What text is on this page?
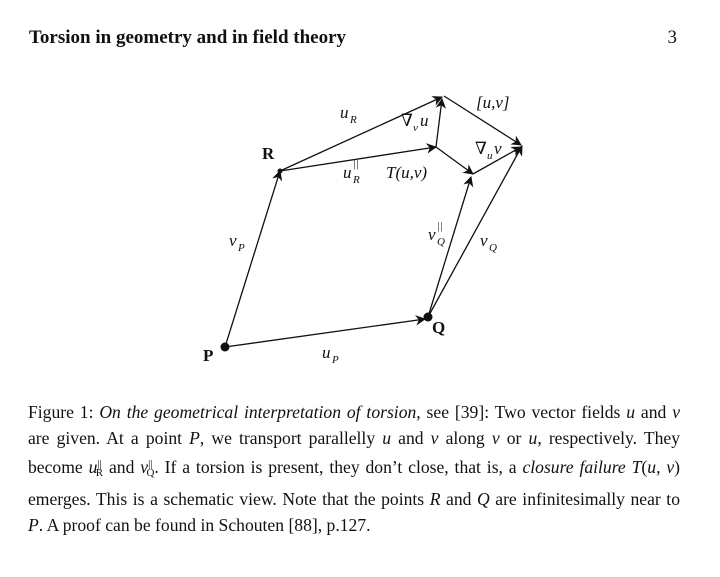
Torsion in geometry and in field theory	3
P
Q
R
u R
u ||
R T(u,v)
∇ v u
∇ u v
[u,v]
v P
u P
v ||
Q v Q
Figure 1: On the geometrical interpretation of torsion, see [39]: Two vector fields u and v are given. At a point P, we transport parallelly u and v along v or u, respectively. They become u||R and v||Q. If a torsion is present, they don’t close, that is, a closure failure T(u, v) emerges. This is a schematic view. Note that the points R and Q are infinitesimally near to P. A proof can be found in Schouten [88], p.127.
